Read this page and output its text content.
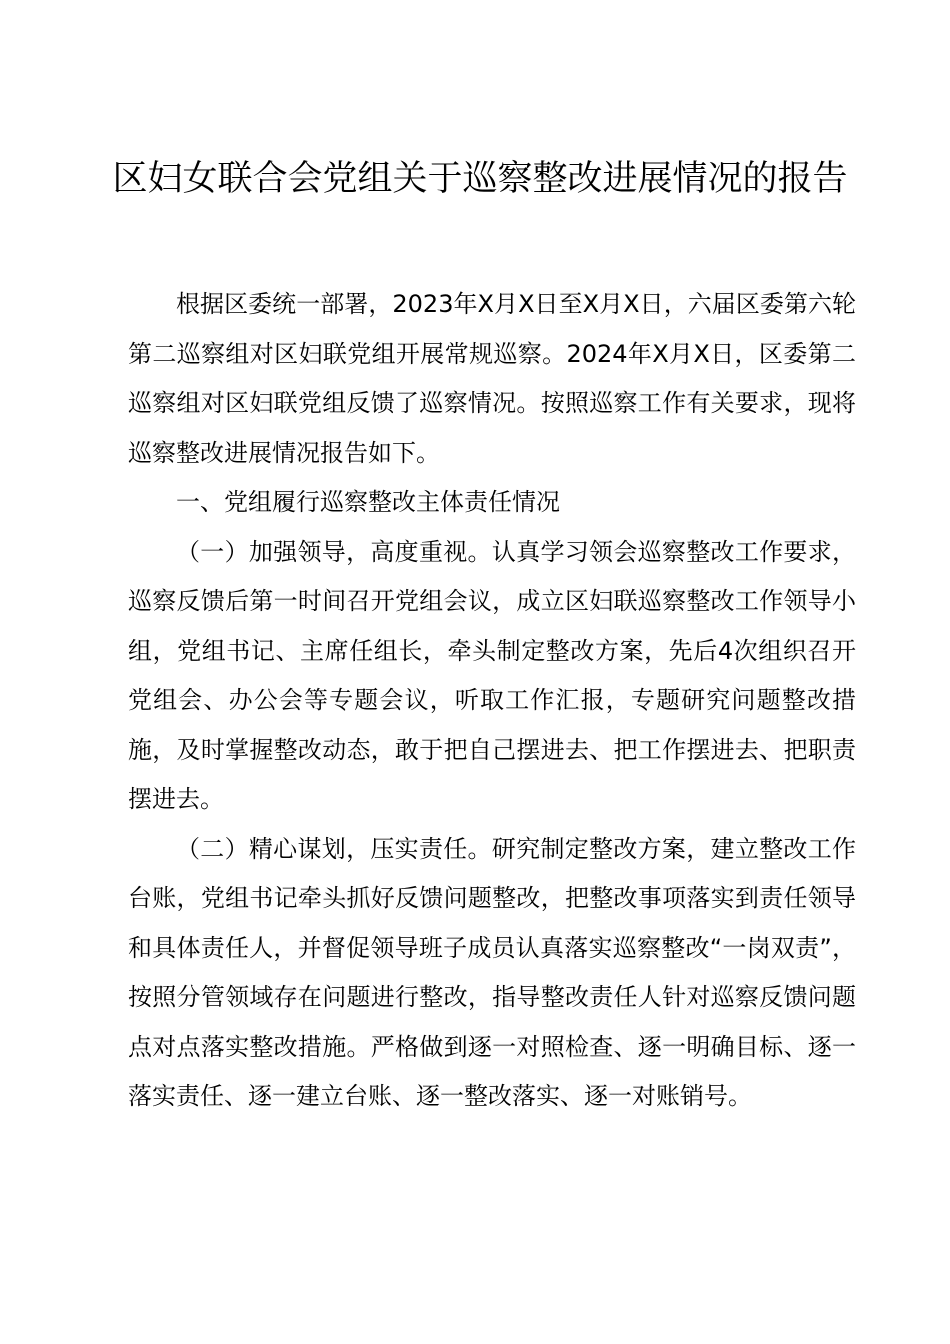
区妇女联合会党组关于巡察整改进展情况的报告

根据区委统一部署，2023年X月X日至X月X日，六届区委第六轮第二巡察组对区妇联党组开展常规巡察。2024年X月X日，区委第二巡察组对区妇联党组反馈了巡察情况。按照巡察工作有关要求，现将巡察整改进展情况报告如下。

一、党组履行巡察整改主体责任情况

（一）加强领导，高度重视。认真学习领会巡察整改工作要求，巡察反馈后第一时间召开党组会议，成立区妇联巡察整改工作领导小组，党组书记、主席任组长，牵头制定整改方案，先后4次组织召开党组会、办公会等专题会议，听取工作汇报，专题研究问题整改措施，及时掌握整改动态，敢于把自己摆进去、把工作摆进去、把职责摆进去。

（二）精心谋划，压实责任。研究制定整改方案，建立整改工作台账，党组书记牵头抓好反馈问题整改，把整改事项落实到责任领导和具体责任人，并督促领导班子成员认真落实巡察整改“一岗双责”，按照分管领域存在问题进行整改，指导整改责任人针对巡察反馈问题点对点落实整改措施。严格做到逐一对照检查、逐一明确目标、逐一落实责任、逐一建立台账、逐一整改落实、逐一对账销号。
